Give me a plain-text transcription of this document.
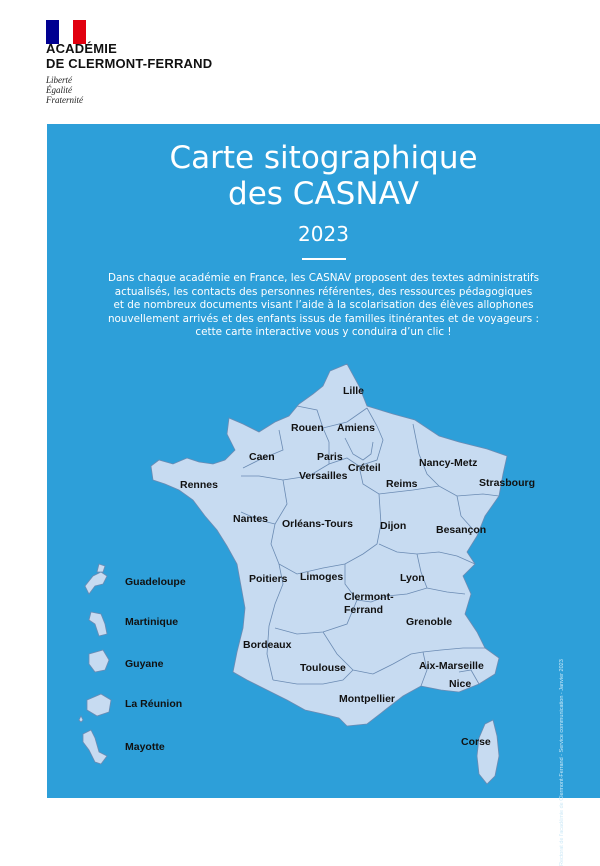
ACADÉMIE
DE CLERMONT-FERRAND
Liberté
Égalité
Fraternité
Carte sitographique
des CASNAV
2023
Dans chaque académie en France, les CASNAV proposent des textes administratifs
actualisés, les contacts des personnes référentes, des ressources pédagogiques
et de nombreux documents visant l’aide à la scolarisation des élèves allophones
nouvellement arrivés et des enfants issus de familles itinérantes et de voyageurs :
cette carte interactive vous y conduira d’un clic !
Rectorat de l'académie de Clermont-Ferrand - Service communication - Janvier 2023
Lille
Amiens
Rouen
Caen	Paris
Versailles
Créteil	Nancy-Metz
Strasbourg
Reims
Rennes
Nantes Orléans-Tours	Dijon	Besançon
Poitiers Limoges	Lyon
Clermont-
Ferrand
Grenoble
Bordeaux
Toulouse	Aix-Marseille
Nice
Montpellier
Corse
Guadeloupe
Martinique
Guyane
La Réunion
Mayotte
